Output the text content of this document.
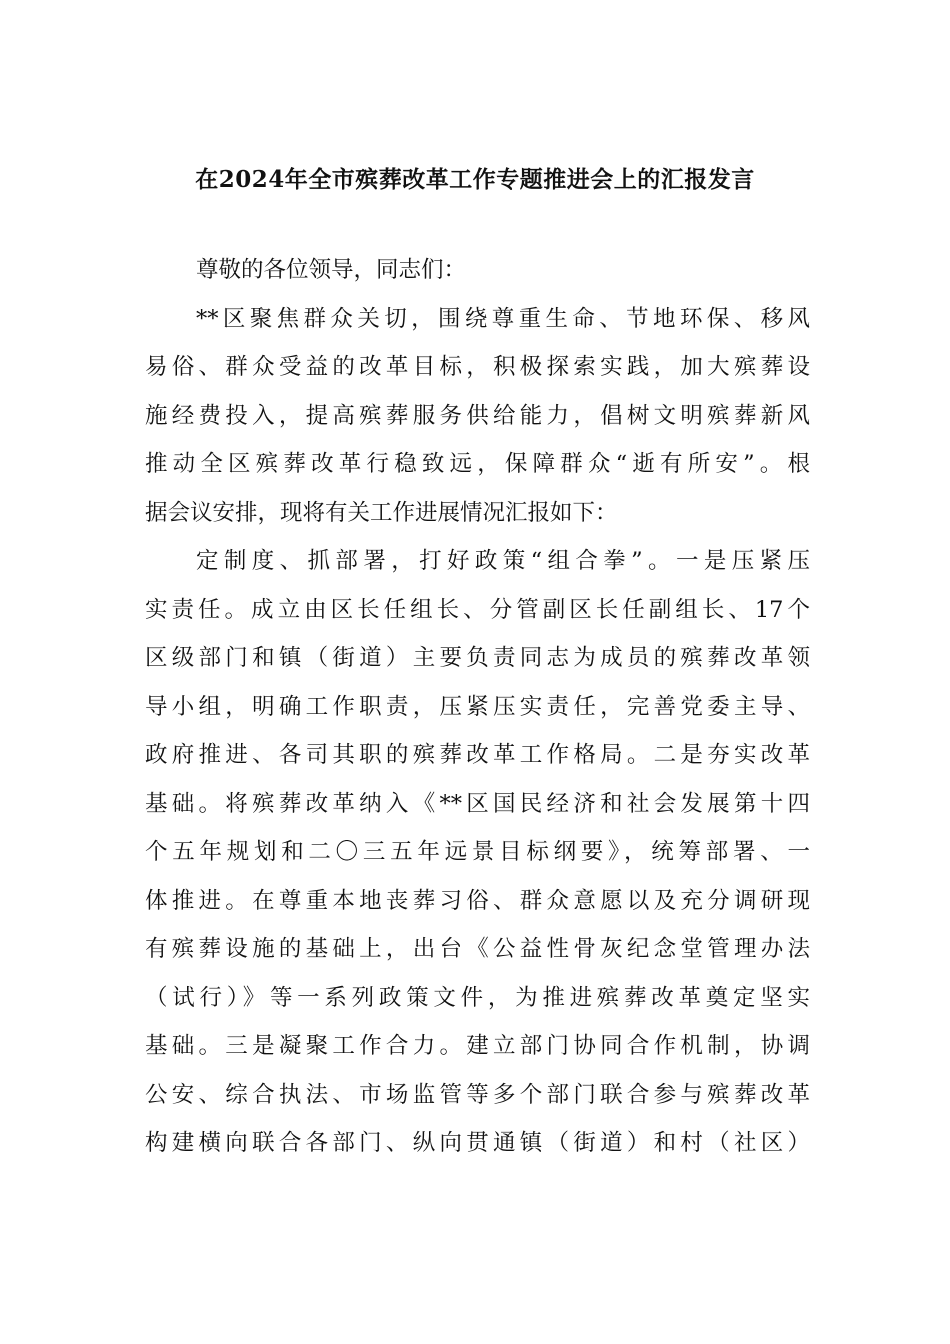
在2024年全市殡葬改革工作专题推进会上的汇报发言
尊敬的各位领导，同志们：
**区聚焦群众关切，围绕尊重生命、节地环保、移风
易俗、群众受益的改革目标，积极探索实践，加大殡葬设
施经费投入，提高殡葬服务供给能力，倡树文明殡葬新风
推动全区殡葬改革行稳致远，保障群众“逝有所安”。根
据会议安排，现将有关工作进展情况汇报如下：
定制度、抓部署，打好政策“组合拳”。一是压紧压
实责任。成立由区长任组长、分管副区长任副组长、17个
区级部门和镇（街道）主要负责同志为成员的殡葬改革领
导小组，明确工作职责，压紧压实责任，完善党委主导、
政府推进、各司其职的殡葬改革工作格局。二是夯实改革
基础。将殡葬改革纳入《**区国民经济和社会发展第十四
个五年规划和二〇三五年远景目标纲要》，统筹部署、一
体推进。在尊重本地丧葬习俗、群众意愿以及充分调研现
有殡葬设施的基础上，出台《公益性骨灰纪念堂管理办法
（试行）》等一系列政策文件，为推进殡葬改革奠定坚实
基础。三是凝聚工作合力。建立部门协同合作机制，协调
公安、综合执法、市场监管等多个部门联合参与殡葬改革
构建横向联合各部门、纵向贯通镇（街道）和村（社区）
